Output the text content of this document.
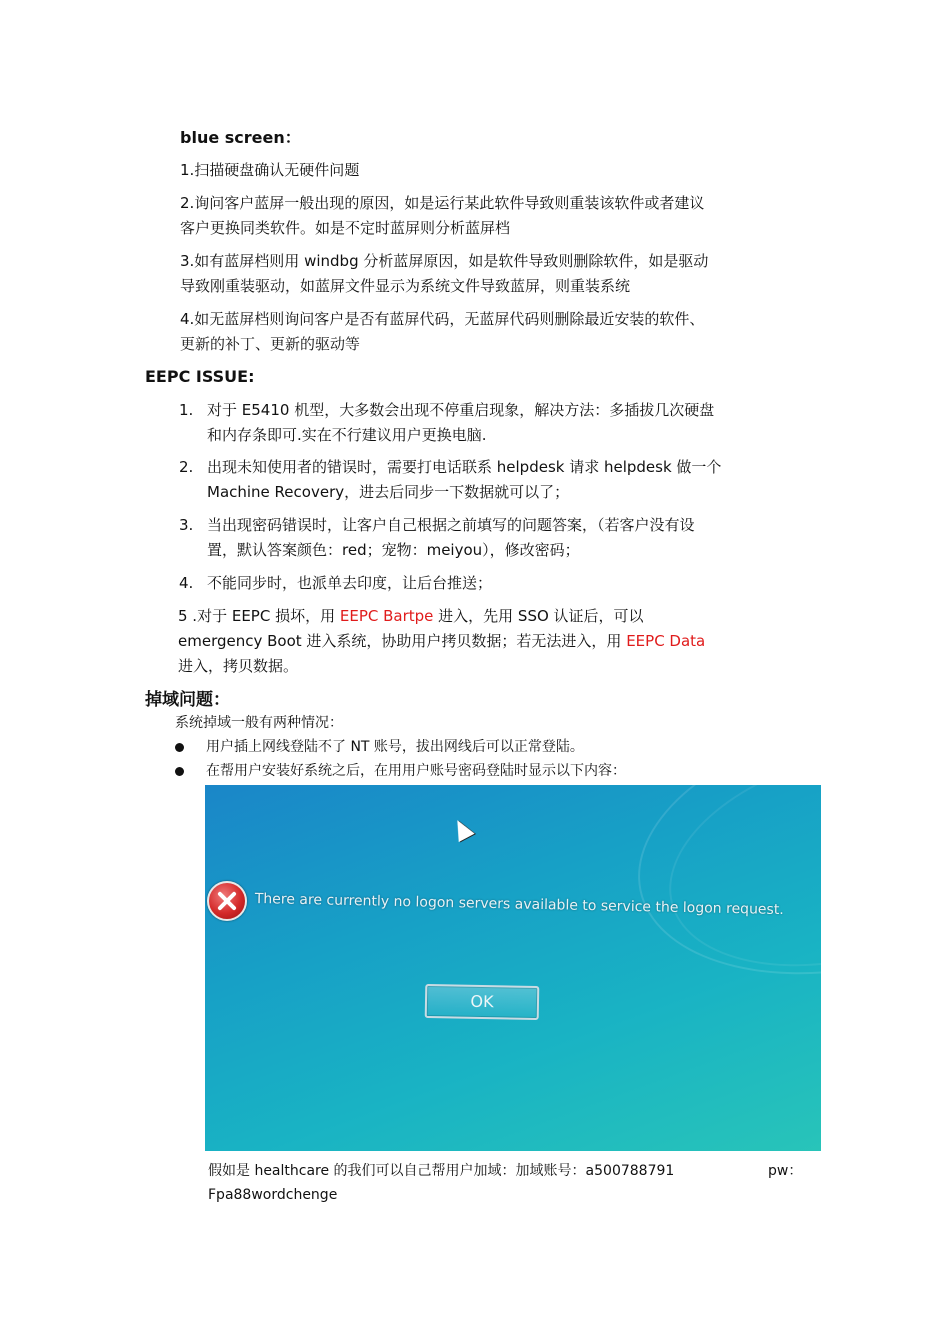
blue screen：
1.扫描硬盘确认无硬件问题
2.询问客户蓝屏一般出现的原因，如是运行某此软件导致则重装该软件或者建议
客户更换同类软件。如是不定时蓝屏则分析蓝屏档
3.如有蓝屏档则用 windbg 分析蓝屏原因，如是软件导致则删除软件，如是驱动
导致刚重装驱动，如蓝屏文件显示为系统文件导致蓝屏，则重装系统
4.如无蓝屏档则询问客户是否有蓝屏代码，无蓝屏代码则删除最近安装的软件、
更新的补丁、更新的驱动等
EEPC ISSUE:
1. 对于 E5410 机型，大多数会出现不停重启现象，解决方法：多插拔几次硬盘
和内存条即可.实在不行建议用户更换电脑.
2. 出现未知使用者的错误时，需要打电话联系 helpdesk 请求 helpdesk 做一个
Machine Recovery，进去后同步一下数据就可以了；
3. 当出现密码错误时，让客户自己根据之前填写的问题答案，（若客户没有设
置，默认答案颜色：red；宠物：meiyou），修改密码；
4. 不能同步时，也派单去印度，让后台推送；
5 .对于 EEPC 损坏，用 EEPC Bartpe 进入，先用 SSO 认证后，可以
emergency Boot 进入系统，协助用户拷贝数据；若无法进入，用 EEPC Data
进入，拷贝数据。
掉域问题：
系统掉域一般有两种情况：
用户插上网线登陆不了 NT 账号，拔出网线后可以正常登陆。
在帮用户安装好系统之后，在用用户账号密码登陆时显示以下内容：
There are currently no logon servers available to service the logon request.
OK
假如是 healthcare 的我们可以自己帮用户加域：加域账号：a500788791	pw：
Fpa88wordchenge
